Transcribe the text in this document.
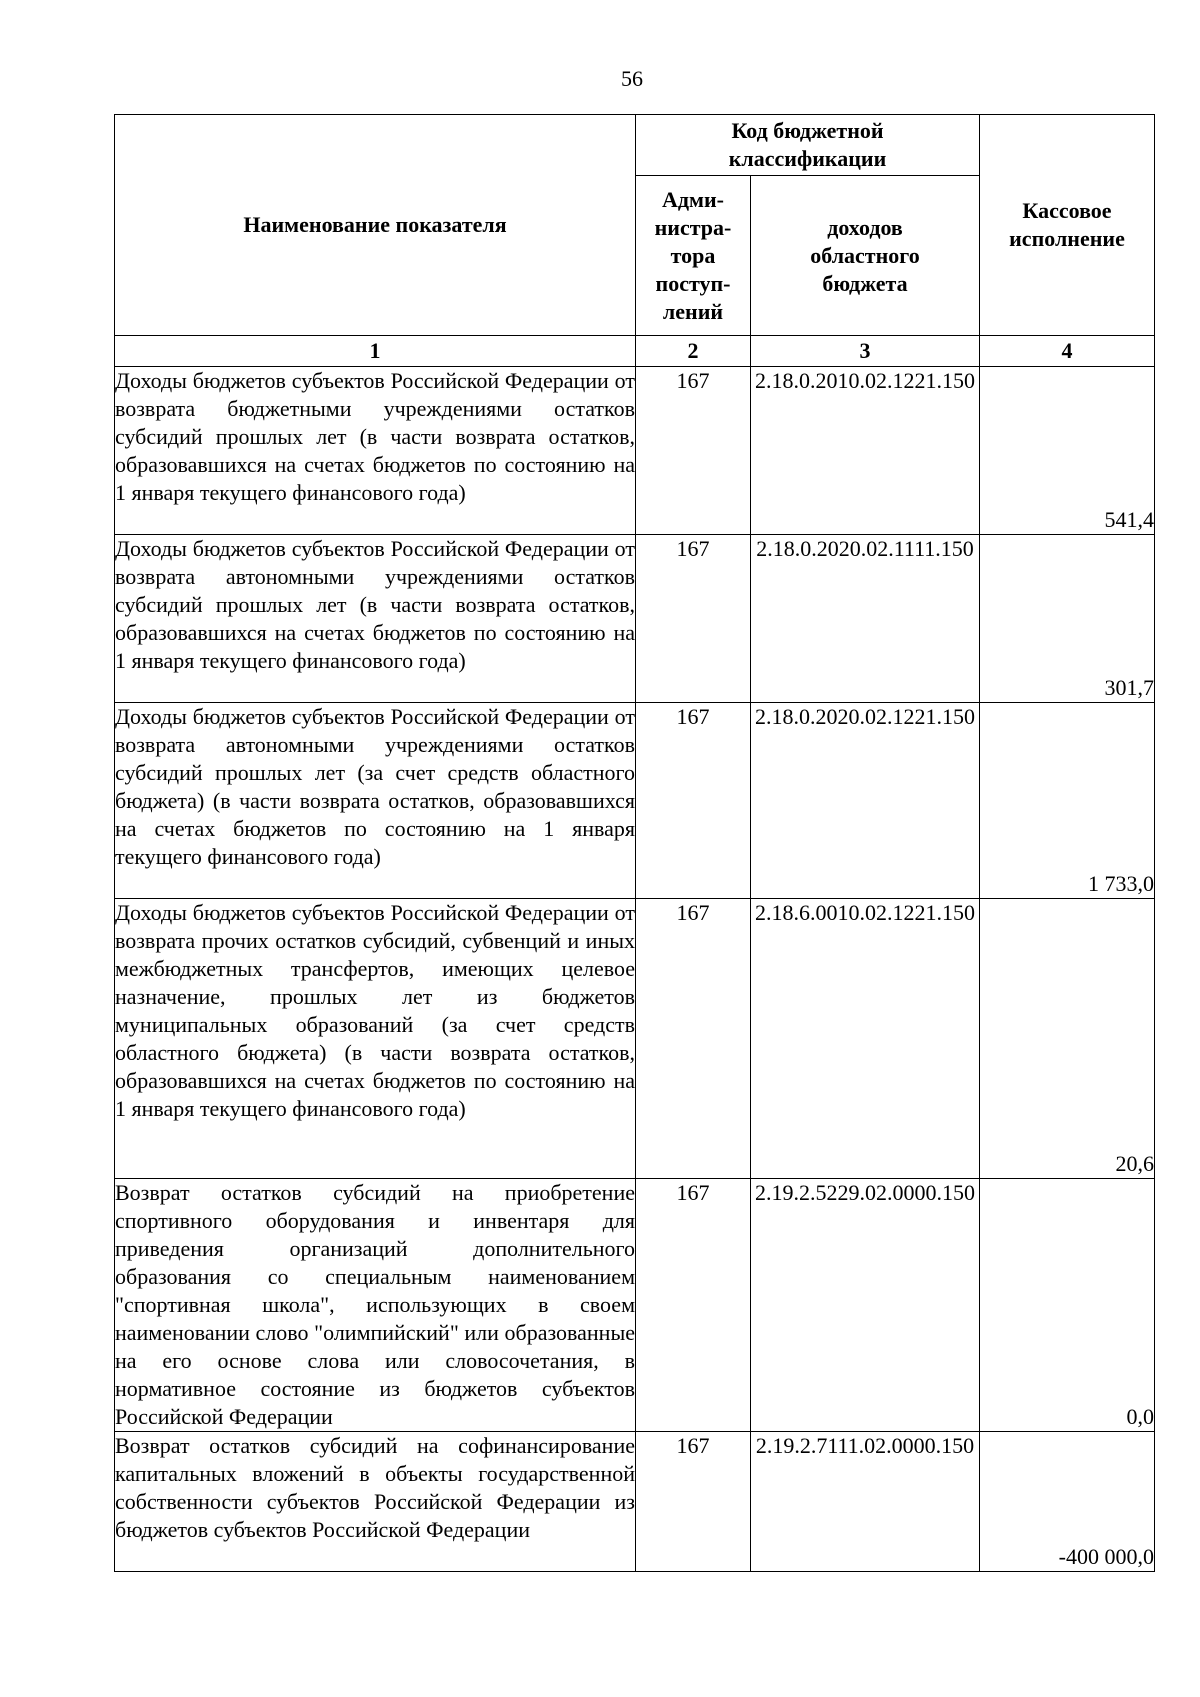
56
Наименование показателя	Код бюджетной классификации		Кассовое исполнение
	Адми-нистра-тора поступ-лений	доходов областного бюджета	
1	2	3	4
Доходы бюджетов субъектов Российской Федерации от возврата бюджетными учреждениями остатков субсидий прошлых лет (в части возврата остатков, образовавшихся на счетах бюджетов по состоянию на 1 января текущего финансового года)	167	2.18.0.2010.02.1221.150	541,4
Доходы бюджетов субъектов Российской Федерации от возврата автономными учреждениями остатков субсидий прошлых лет (в части возврата остатков, образовавшихся на счетах бюджетов по состоянию на 1 января текущего финансового года)	167	2.18.0.2020.02.1111.150	301,7
Доходы бюджетов субъектов Российской Федерации от возврата автономными учреждениями остатков субсидий прошлых лет (за счет средств областного бюджета) (в части возврата остатков, образовавшихся на счетах бюджетов по состоянию на 1 января текущего финансового года)	167	2.18.0.2020.02.1221.150	1 733,0
Доходы бюджетов субъектов Российской Федерации от возврата прочих остатков субсидий, субвенций и иных межбюджетных трансфертов, имеющих целевое назначение, прошлых лет из бюджетов муниципальных образований (за счет средств областного бюджета) (в части возврата остатков, образовавшихся на счетах бюджетов по состоянию на 1 января текущего финансового года)	167	2.18.6.0010.02.1221.150	20,6
Возврат остатков субсидий на приобретение спортивного оборудования и инвентаря для приведения организаций дополнительного образования со специальным наименованием "спортивная школа", использующих в своем наименовании слово "олимпийский" или образованные на его основе слова или словосочетания, в нормативное состояние из бюджетов субъектов Российской Федерации	167	2.19.2.5229.02.0000.150	0,0
Возврат остатков субсидий на софинансирование капитальных вложений в объекты государственной собственности субъектов Российской Федерации из бюджетов субъектов Российской Федерации	167	2.19.2.7111.02.0000.150	-400 000,0
